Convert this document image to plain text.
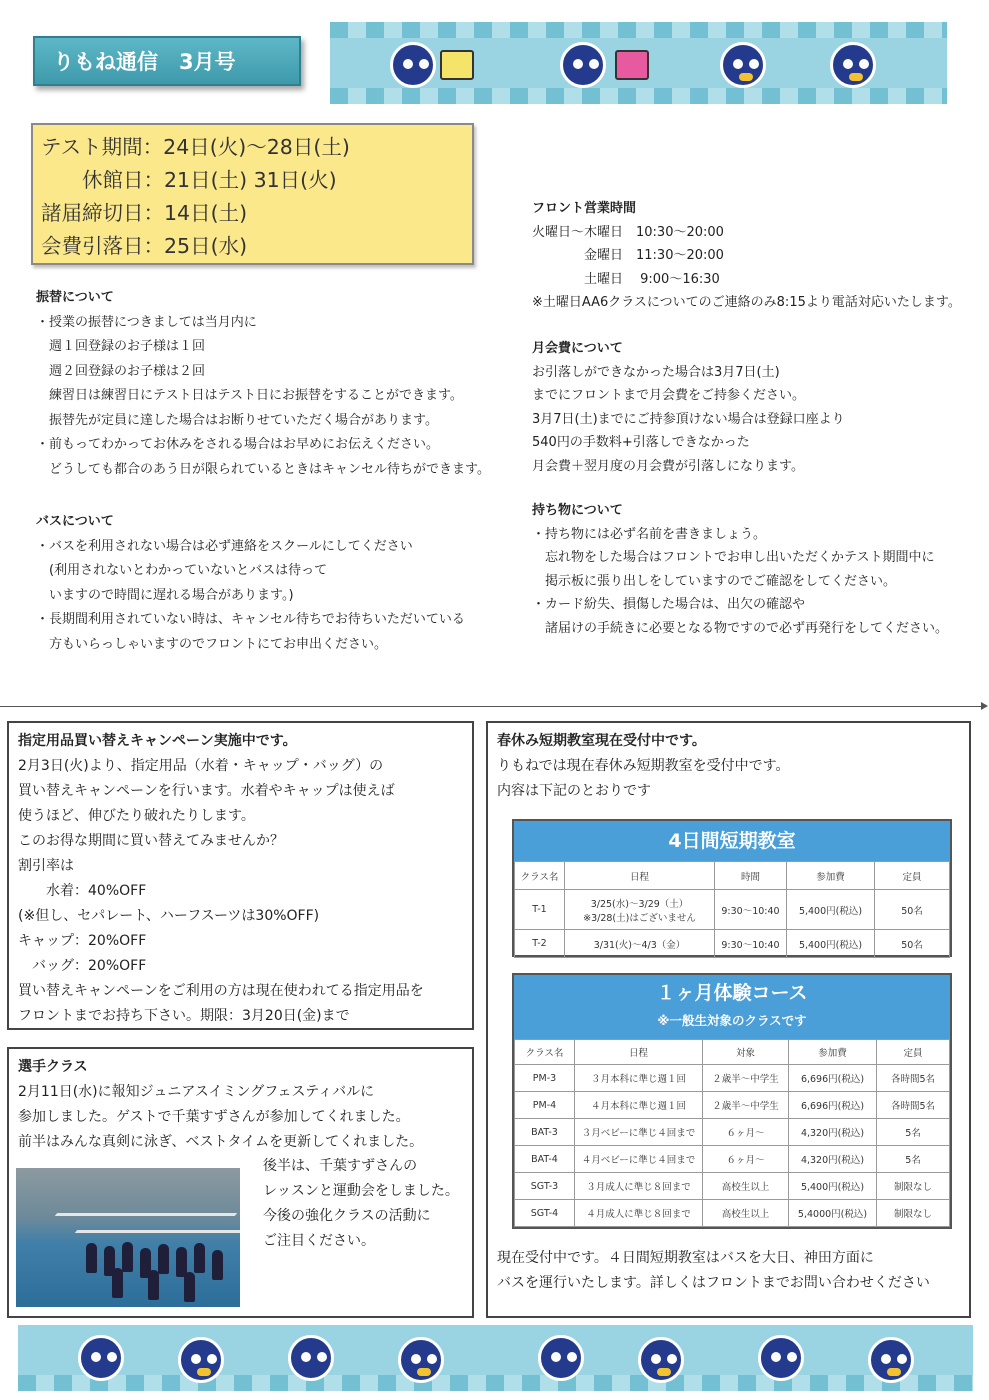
りもね通信　3月号
テスト期間：24日(火)〜28日(土)
　　休館日：21日(土) 31日(火)
諸届締切日：14日(土)
会費引落日：25日(水)
振替について
・授業の振替につきましては当月内に
　週１回登録のお子様は１回
　週２回登録のお子様は２回
　練習日は練習日にテスト日はテスト日にお振替をすることができます。
　振替先が定員に達した場合はお断りせていただく場合があります。
・前もってわかってお休みをされる場合はお早めにお伝えください。
　どうしても都合のあう日が限られているときはキャンセル待ちができます。
バスについて
・バスを利用されない場合は必ず連絡をスクールにしてください
　(利用されないとわかっていないとバスは待って
　いますので時間に遅れる場合があります。)
・長期間利用されていない時は、キャンセル待ちでお待ちいただいている
　方もいらっしゃいますのでフロントにてお申出ください。
フロント営業時間
火曜日〜木曜日　10:30〜20:00
　　　　金曜日　11:30〜20:00
　　　　土曜日　 9:00〜16:30
※土曜日AA6クラスについてのご連絡のみ8:15より電話対応いたします。
月会費について
お引落しができなかった場合は3月7日(土)
までにフロントまで月会費をご持参ください。
3月7日(土)までにご持参頂けない場合は登録口座より
540円の手数料+引落しできなかった
月会費＋翌月度の月会費が引落しになります。
持ち物について
・持ち物には必ず名前を書きましょう。
　忘れ物をした場合はフロントでお申し出いただくかテスト期間中に
　掲示板に張り出しをしていますのでご確認をしてください。
・カード紛失、損傷した場合は、出欠の確認や
　諸届けの手続きに必要となる物ですので必ず再発行をしてください。
指定用品買い替えキャンペーン実施中です。
2月3日(火)より、指定用品（水着・キャップ・バッグ）の
買い替えキャンペーンを行います。水着やキャップは使えば
使うほど、伸びたり破れたりします。
このお得な期間に買い替えてみませんか？
割引率は
　　水着：40%OFF
(※但し、セパレート、ハーフスーツは30%OFF)
キャップ：20%OFF
　バッグ：20%OFF
買い替えキャンペーンをご利用の方は現在使われてる指定用品を
フロントまでお持ち下さい。期限：3月20日(金)まで
選手クラス
2月11日(水)に報知ジュニアスイミングフェスティバルに
参加しました。ゲストで千葉すずさんが参加してくれました。
前半はみんな真剣に泳ぎ、ベストタイムを更新してくれました。
後半は、千葉すずさんの
レッスンと運動会をしました。
今後の強化クラスの活動に
ご注目ください。
春休み短期教室現在受付中です。
りもねでは現在春休み短期教室を受付中です。
内容は下記のとおりです
現在受付中です。４日間短期教室はバスを大日、神田方面に
バスを運行いたします。詳しくはフロントまでお問い合わせください
4日間短期教室
クラス名	日程	時間	参加費	定員
T-1	3/25(水)〜3/29（土）
※3/28(土)はございません	9:30〜10:40	5,400円(税込)	50名
T-2	3/31(火)〜4/3（金）	9:30〜10:40	5,400円(税込)	50名
１ヶ月体験コース
※一般生対象のクラスです
クラス名	日程	対象	参加費	定員
PM-3	３月本科に準じ週１回	２歳半〜中学生	6,696円(税込)	各時間5名
PM-4	４月本科に準じ週１回	２歳半〜中学生	6,696円(税込)	各時間5名
BAT-3	３月ベビーに準じ４回まで	６ヶ月〜	4,320円(税込)	5名
BAT-4	４月ベビーに準じ４回まで	６ヶ月〜	4,320円(税込)	5名
SGT-3	３月成人に準じ８回まで	高校生以上	5,400円(税込)	制限なし
SGT-4	４月成人に準じ８回まで	高校生以上	5,4000円(税込)	制限なし
